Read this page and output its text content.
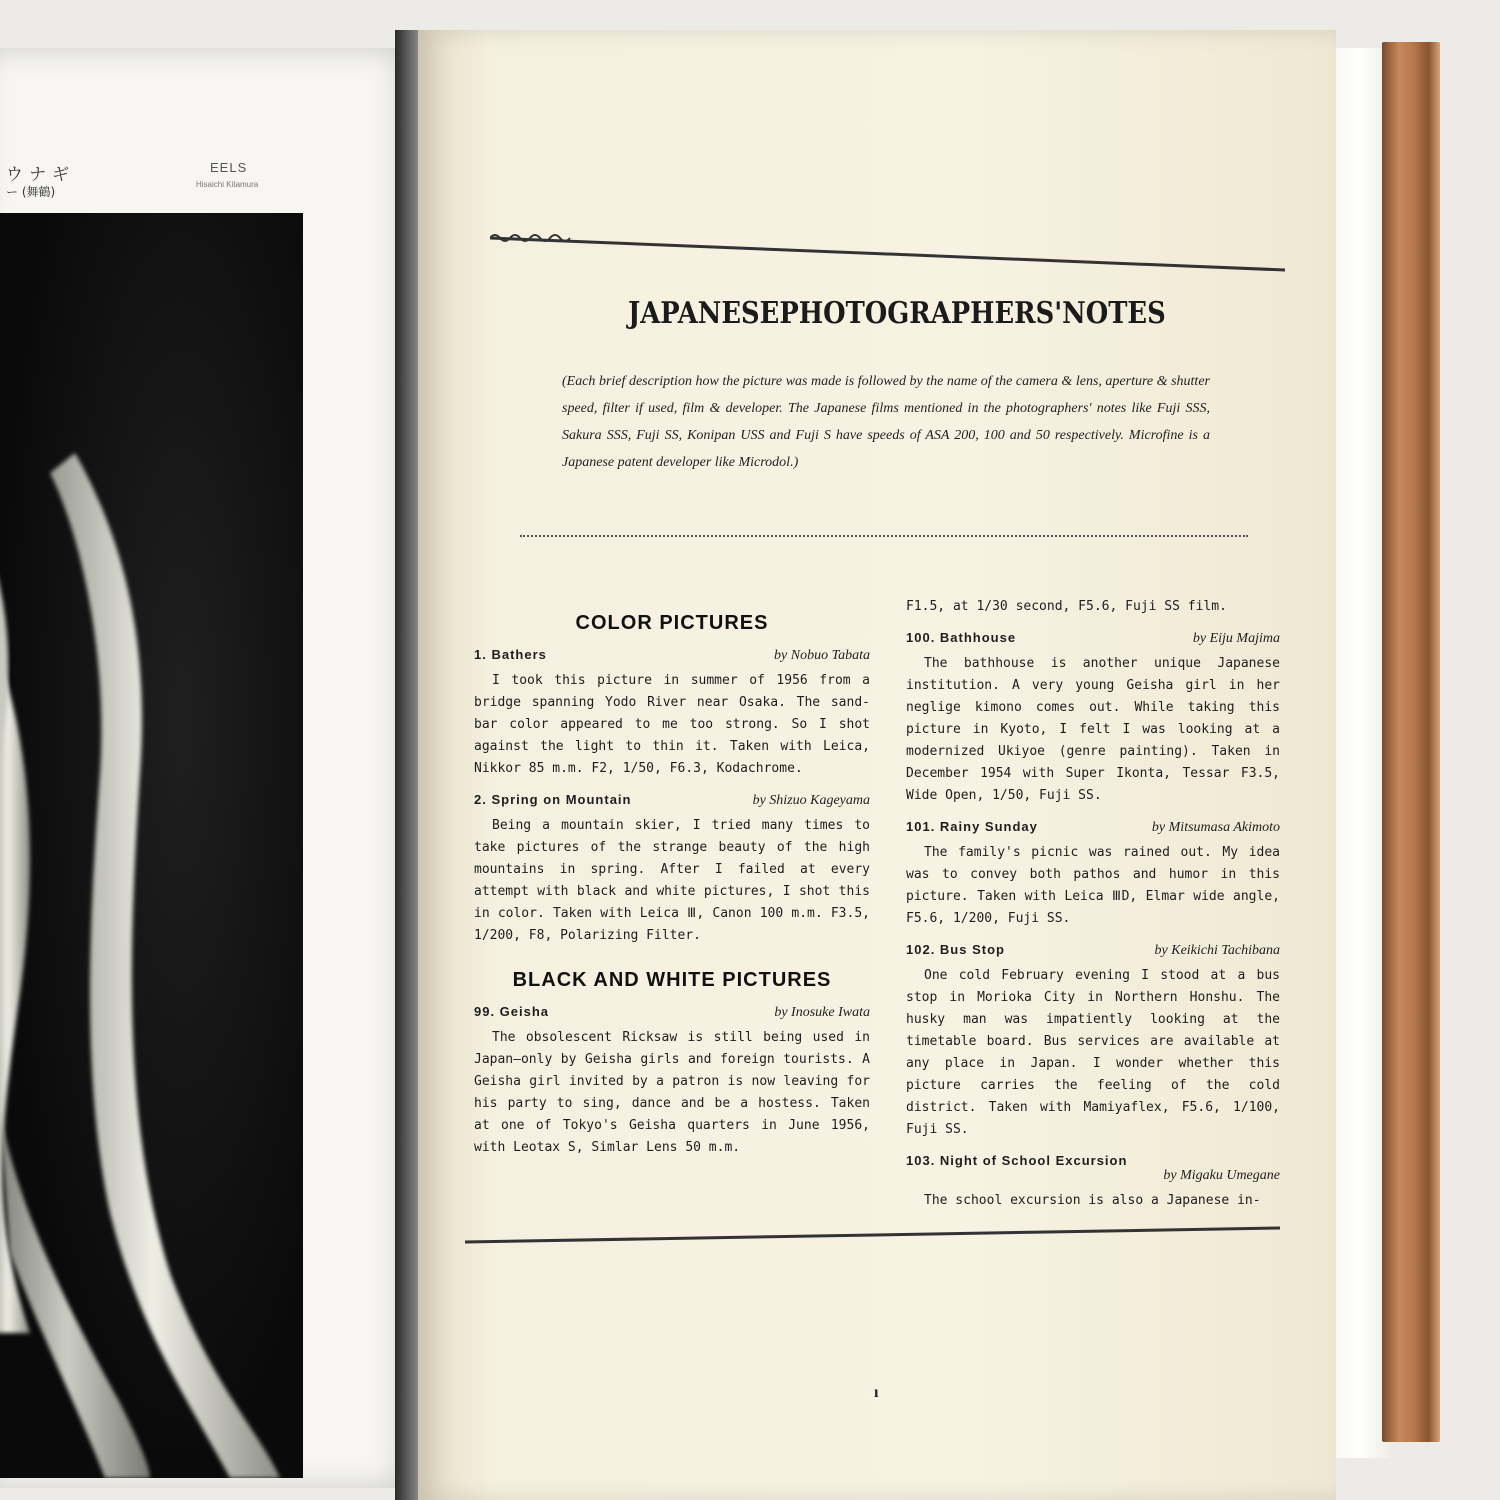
ウナギ
ー (舞鶴)
EELS
Hisaichi Kitamura
JAPANESE PHOTOGRAPHERS' NOTES
(Each brief description how the picture was made is followed by the name of the camera & lens, aperture & shutter speed, filter if used, film & developer. The Japanese films mentioned in the photographers' notes like Fuji SSS, Sakura SSS, Fuji SS, Konipan USS and Fuji S have speeds of ASA 200, 100 and 50 respectively. Microfine is a Japanese patent developer like Microdol.)
COLOR PICTURES
1. Bathers	by Nobuo Tabata

I took this picture in summer of 1956 from a bridge spanning Yodo River near Osaka. The sand-bar color appeared to me too strong. So I shot against the light to thin it. Taken with Leica, Nikkor 85 m.m. F2, 1/50, F6.3, Kodachrome.

2. Spring on Mountain	by Shizuo Kageyama

Being a mountain skier, I tried many times to take pictures of the strange beauty of the high mountains in spring. After I failed at every attempt with black and white pictures, I shot this in color. Taken with Leica Ⅲ, Canon 100 m.m. F3.5, 1/200, F8, Polarizing Filter.

BLACK AND WHITE PICTURES
99. Geisha	by Inosuke Iwata

The obsolescent Ricksaw is still being used in Japan—only by Geisha girls and foreign tourists. A Geisha girl invited by a patron is now leaving for his party to sing, dance and be a hostess. Taken at one of Tokyo's Geisha quarters in June 1956, with Leotax S, Simlar Lens 50 m.m.

F1.5, at 1/30 second, F5.6, Fuji SS film.

100. Bathhouse	by Eiju Majima

The bathhouse is another unique Japanese institution. A very young Geisha girl in her neglige kimono comes out. While taking this picture in Kyoto, I felt I was looking at a modernized Ukiyoe (genre painting). Taken in December 1954 with Super Ikonta, Tessar F3.5, Wide Open, 1/50, Fuji SS.

101. Rainy Sunday	by Mitsumasa Akimoto

The family's picnic was rained out. My idea was to convey both pathos and humor in this picture. Taken with Leica ⅢD, Elmar wide angle, F5.6, 1/200, Fuji SS.

102. Bus Stop	by Keikichi Tachibana

One cold February evening I stood at a bus stop in Morioka City in Northern Honshu. The husky man was impatiently looking at the timetable board. Bus services are available at any place in Japan. I wonder whether this picture carries the feeling of the cold district. Taken with Mamiyaflex, F5.6, 1/100, Fuji SS.

103. Night of School Excursion
by Migaku Umegane

The school excursion is also a Japanese in-

ı
